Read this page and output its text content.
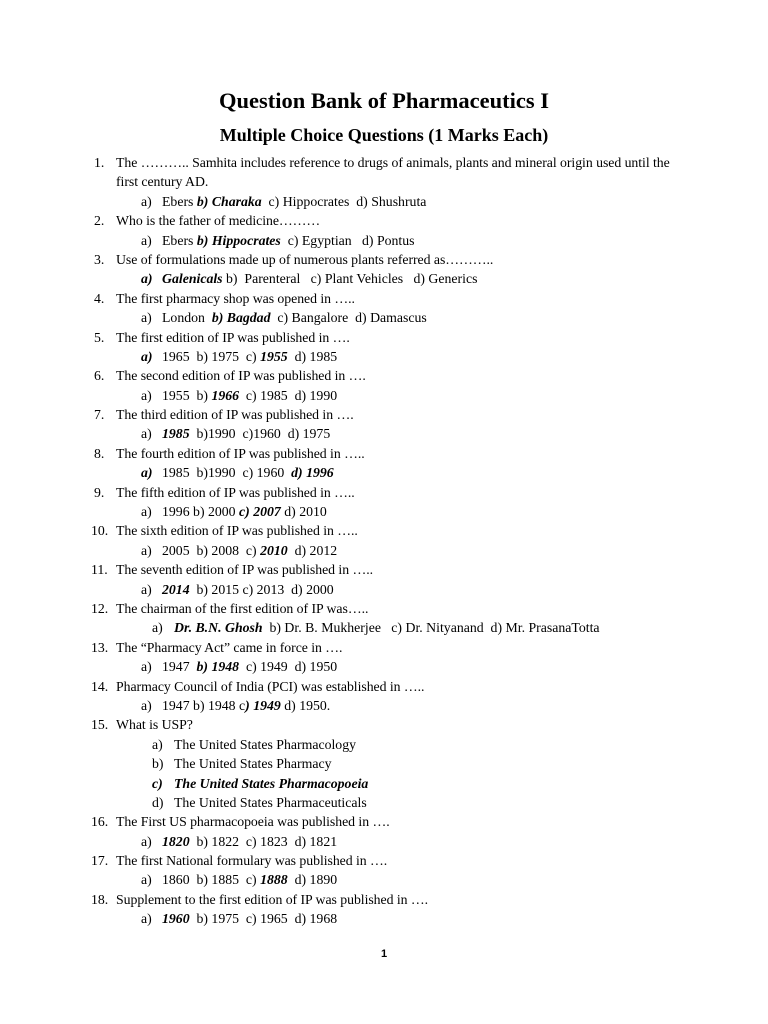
Question Bank of Pharmaceutics I
Multiple Choice Questions (1 Marks Each)
1. The ……….. Samhita includes reference to drugs of animals, plants and mineral origin used until the first century AD.
a) Ebers b) Charaka  c) Hippocrates  d) Shushruta
2. Who is the father of medicine………
a) Ebers b) Hippocrates  c) Egyptian   d) Pontus
3. Use of formulations made up of numerous plants referred as………..
a) Galenicals b)  Parenteral   c) Plant Vehicles   d) Generics
4. The first pharmacy shop was opened in …..
a) London  b) Bagdad  c) Bangalore  d) Damascus
5. The first edition of IP was published in ….
a) 1965  b) 1975  c) 1955  d) 1985
6. The second edition of IP was published in ….
a) 1955  b) 1966  c) 1985  d) 1990
7. The third edition of IP was published in ….
a) 1985  b)1990  c)1960  d) 1975
8. The fourth edition of IP was published in …..
a) 1985  b)1990  c) 1960  d) 1996
9. The fifth edition of IP was published in …..
a) 1996 b) 2000 c) 2007 d) 2010
10. The sixth edition of IP was published in …..
a) 2005  b) 2008  c) 2010  d) 2012
11. The seventh edition of IP was published in …..
a) 2014  b) 2015 c) 2013  d) 2000
12. The chairman of the first edition of IP was…..
a) Dr. B.N. Ghosh  b) Dr. B. Mukherjee   c) Dr. Nityanand  d) Mr. PrasanaTotta
13. The “Pharmacy Act” came in force in ….
a) 1947  b) 1948  c) 1949  d) 1950
14. Pharmacy Council of India (PCI) was established in …..
a) 1947 b) 1948 c) 1949 d) 1950.
15. What is USP?
a) The United States Pharmacology
b) The United States Pharmacy
c) The United States Pharmacopoeia
d) The United States Pharmaceuticals
16. The First US pharmacopoeia was published in ….
a) 1820  b) 1822  c) 1823  d) 1821
17. The first National formulary was published in ….
a) 1860  b) 1885  c) 1888  d) 1890
18. Supplement to the first edition of IP was published in ….
a) 1960  b) 1975  c) 1965  d) 1968
1
